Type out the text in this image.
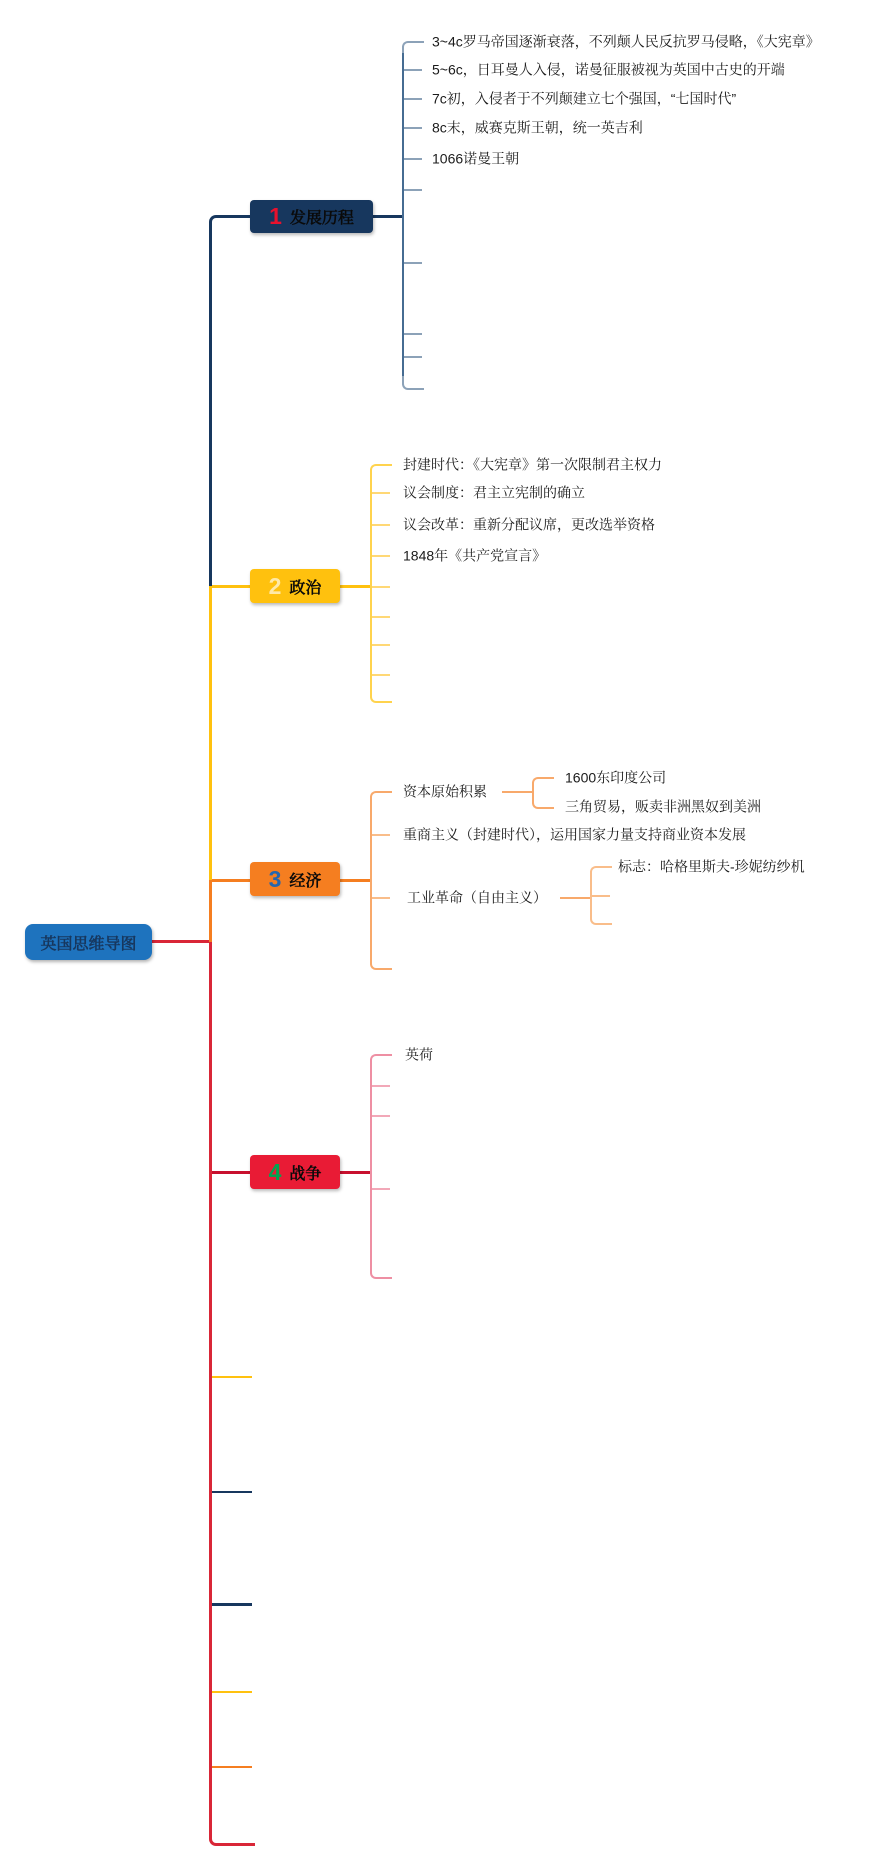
英国思维导图
1 发展历程
3~4c罗马帝国逐渐衰落，不列颠人民反抗罗马侵略，《大宪章》
5~6c，日耳曼人入侵，诺曼征服被视为英国中古史的开端
7c初，入侵者于不列颠建立七个强国，“七国时代”
8c末，威赛克斯王朝，统一英吉利
1066诺曼王朝
2 政治
封建时代：《大宪章》第一次限制君主权力
议会制度：君主立宪制的确立
议会改革：重新分配议席，更改选举资格
1848年《共产党宣言》
3 经济
资本原始积累
重商主义（封建时代），运用国家力量支持商业资本发展
工业革命（自由主义）
1600东印度公司
三角贸易，贩卖非洲黑奴到美洲
标志：哈格里斯夫-珍妮纺纱机
4 战争
英荷
